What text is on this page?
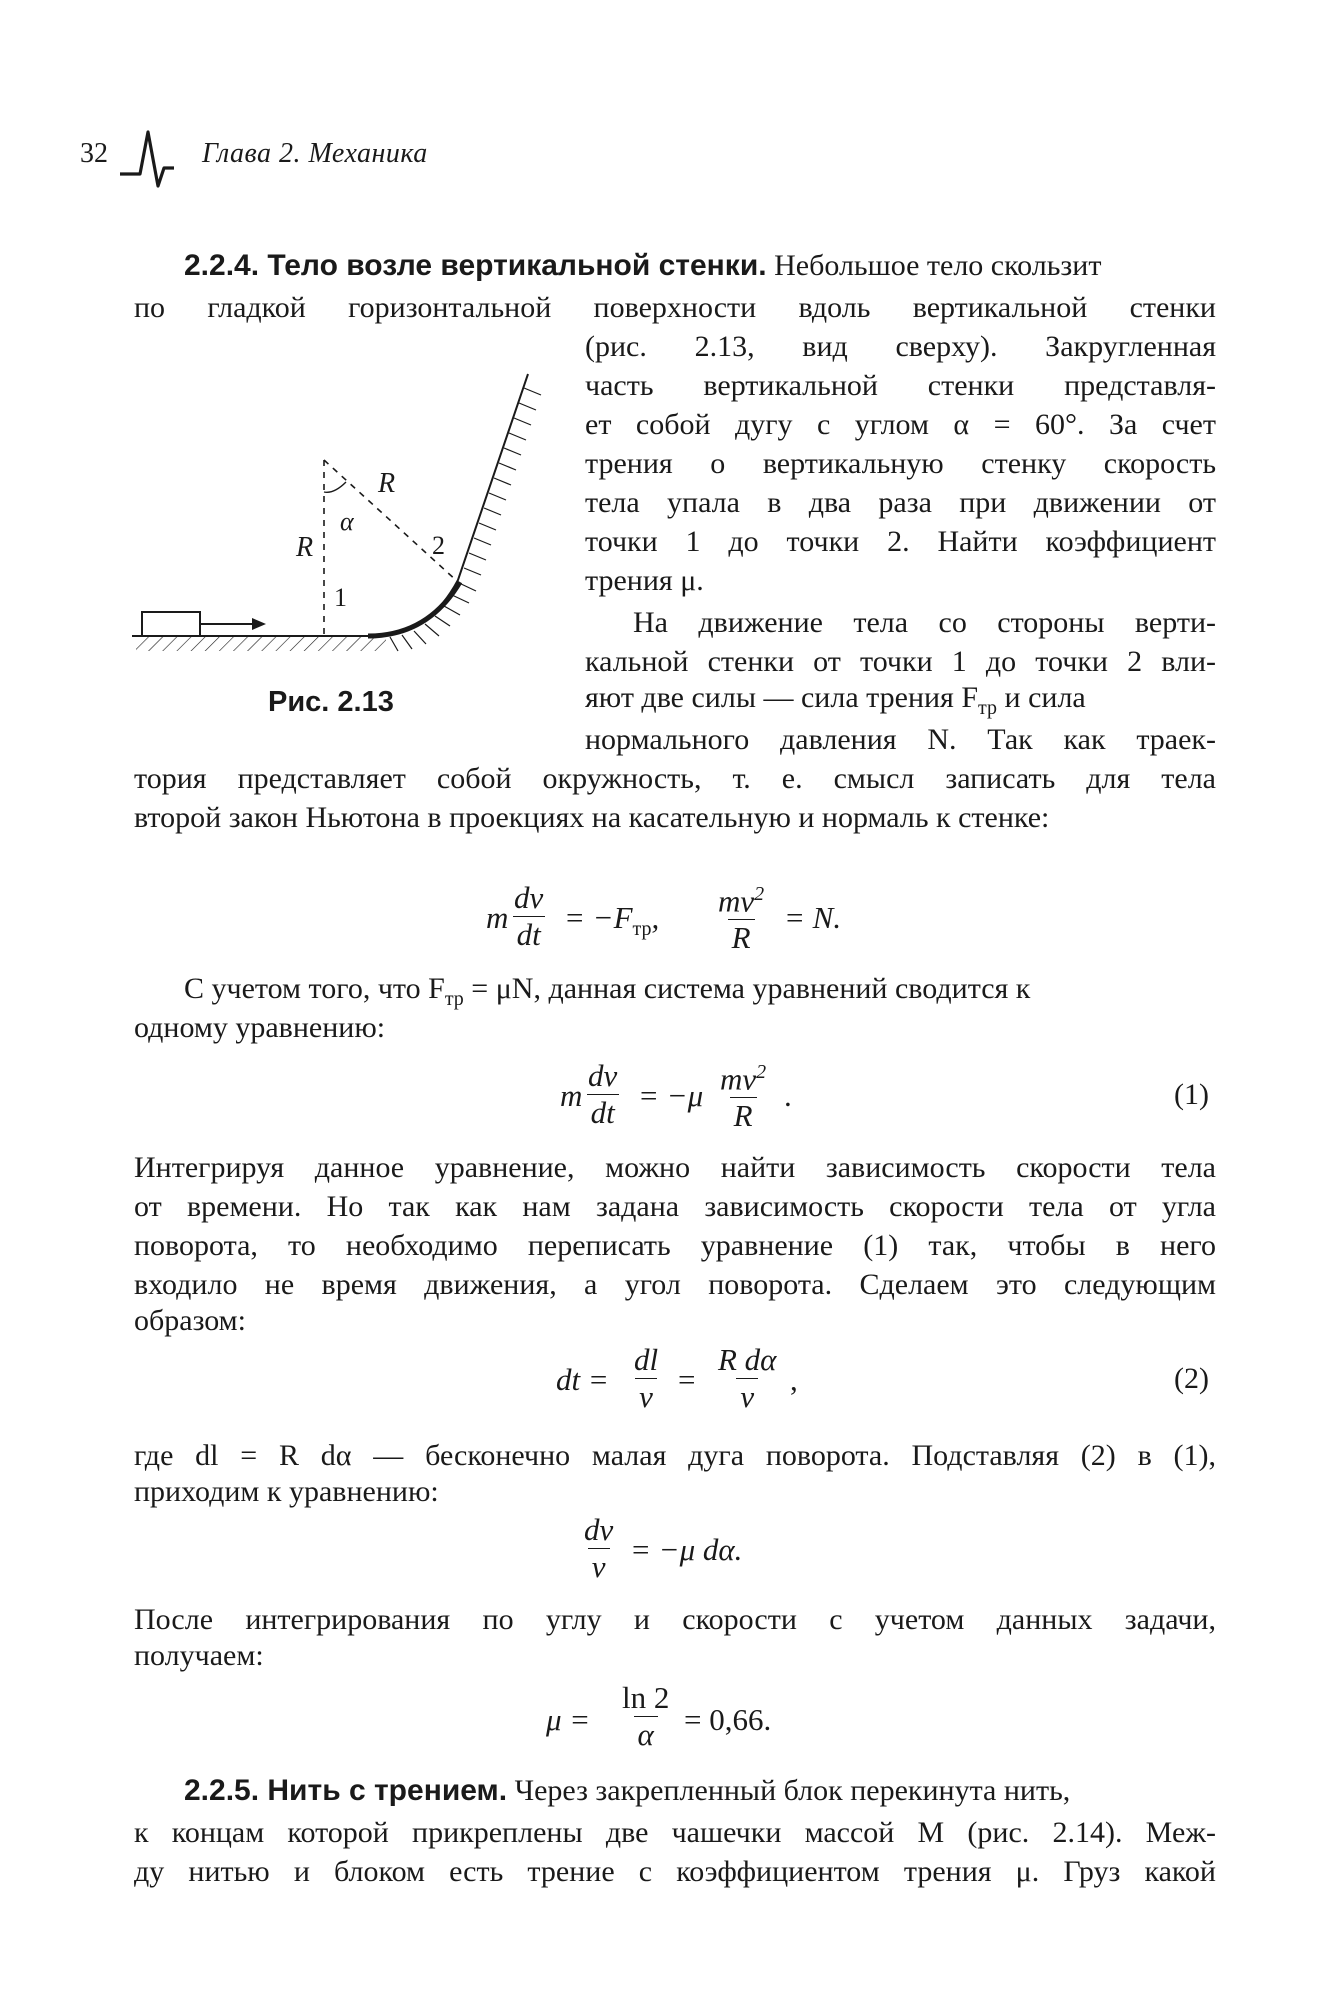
32	Глава 2. Механика
2.2.4. Тело возле вертикальной стенки. Небольшое тело скользит
по гладкой горизонтальной поверхности вдоль вертикальной стенки
(рис. 2.13, вид сверху). Закругленная
часть вертикальной стенки представля-
ет собой дугу с углом α = 60°. За счет
трения о вертикальную стенку скорость
тела упала в два раза при движении от
точки 1 до точки 2. Найти коэффициент
трения μ.
На движение тела со стороны верти-
кальной стенки от точки 1 до точки 2 вли-
яют две силы — сила трения $F_{тр}$ и сила
нормального давления N. Так как траек-
тория представляет собой окружность, т. е. смысл записать для тела
второй закон Ньютона в проекциях на касательную и нормаль к стенке:
R
α
R	2
1
Рис. 2.13
m $\frac{dv}{dt} = -F_{тр}$, $\frac{mv^2}{R} = N$.
С учетом того, что $F_{тр} = \mu N$, данная система уравнений сводится к
одному уравнению:
m $\frac{dv}{dt} = -\mu \frac{mv^2}{R}$ .	(1)
Интегрируя данное уравнение, можно найти зависимость скорости тела
от времени. Но так как нам задана зависимость скорости тела от угла
поворота, то необходимо переписать уравнение (1) так, чтобы в него
входило не время движения, а угол поворота. Сделаем это следующим
образом:
dt = $\frac{dl}{v} = \frac{\text{R dα}}{v}$ ,	(2)
где dl = R dα — бесконечно малая дуга поворота. Подставляя (2) в (1),
приходим к уравнению:
$\frac{dv}{v} = -\mu$ dα.
После интегрирования по углу и скорости с учетом данных задачи,
получаем:
$\mu = \frac{\ln 2}{\alpha} = 0,66$.
2.2.5. Нить с трением. Через закрепленный блок перекинута нить,
к концам которой прикреплены две чашечки массой M (рис. 2.14). Меж-
ду нитью и блоком есть трение с коэффициентом трения μ. Груз какой
